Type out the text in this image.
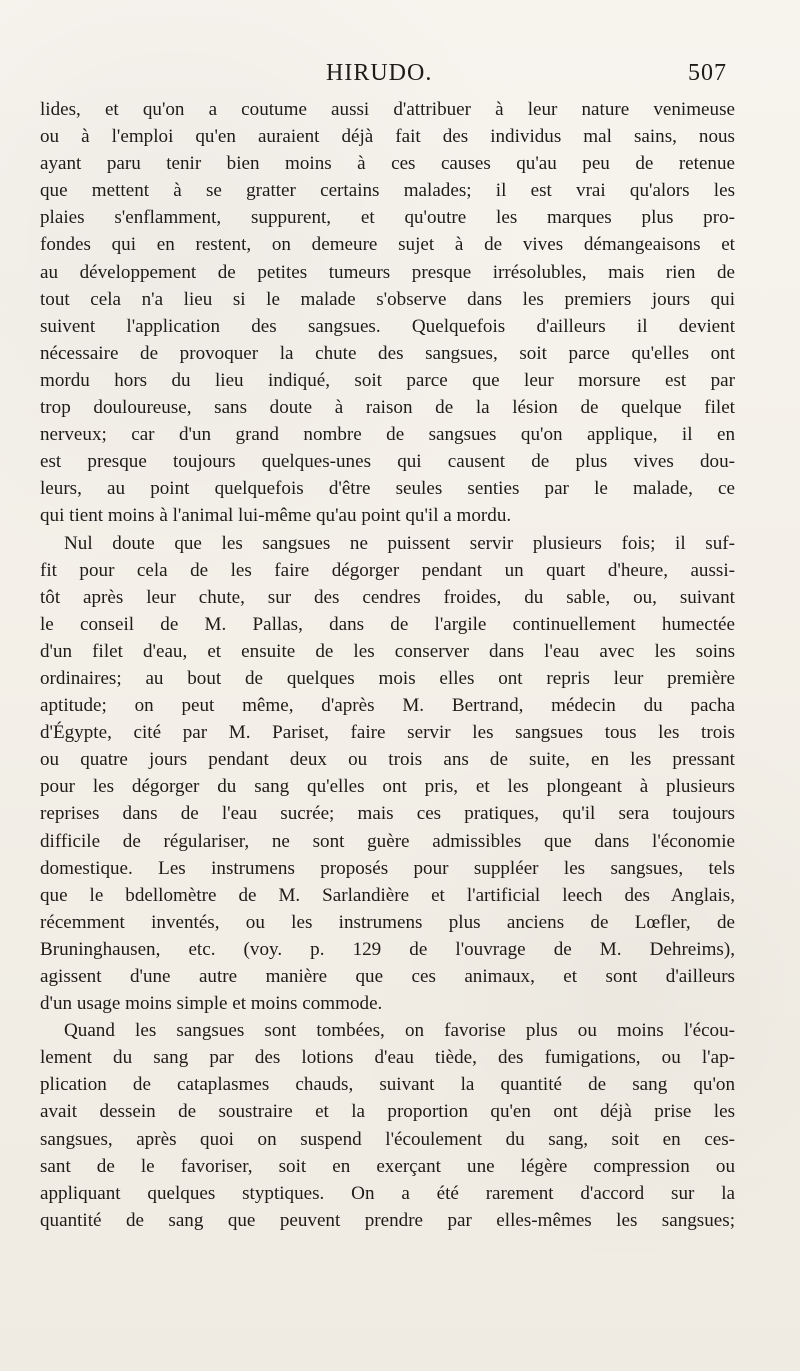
HIRUDO.	507
lides, et qu'on a coutume aussi d'attribuer à leur nature venimeuse
ou à l'emploi qu'en auraient déjà fait des individus mal sains, nous
ayant paru tenir bien moins à ces causes qu'au peu de retenue
que mettent à se gratter certains malades; il est vrai qu'alors les
plaies s'enflamment, suppurent, et qu'outre les marques plus pro-
fondes qui en restent, on demeure sujet à de vives démangeaisons et
au développement de petites tumeurs presque irrésolubles, mais rien de
tout cela n'a lieu si le malade s'observe dans les premiers jours qui
suivent l'application des sangsues. Quelquefois d'ailleurs il devient
nécessaire de provoquer la chute des sangsues, soit parce qu'elles ont
mordu hors du lieu indiqué, soit parce que leur morsure est par
trop douloureuse, sans doute à raison de la lésion de quelque filet
nerveux; car d'un grand nombre de sangsues qu'on applique, il en
est presque toujours quelques-unes qui causent de plus vives dou-
leurs, au point quelquefois d'être seules senties par le malade, ce
qui tient moins à l'animal lui-même qu'au point qu'il a mordu.
Nul doute que les sangsues ne puissent servir plusieurs fois; il suf-
fit pour cela de les faire dégorger pendant un quart d'heure, aussi-
tôt après leur chute, sur des cendres froides, du sable, ou, suivant
le conseil de M. Pallas, dans de l'argile continuellement humectée
d'un filet d'eau, et ensuite de les conserver dans l'eau avec les soins
ordinaires; au bout de quelques mois elles ont repris leur première
aptitude; on peut même, d'après M. Bertrand, médecin du pacha
d'Égypte, cité par M. Pariset, faire servir les sangsues tous les trois
ou quatre jours pendant deux ou trois ans de suite, en les pressant
pour les dégorger du sang qu'elles ont pris, et les plongeant à plusieurs
reprises dans de l'eau sucrée; mais ces pratiques, qu'il sera toujours
difficile de régulariser, ne sont guère admissibles que dans l'économie
domestique. Les instrumens proposés pour suppléer les sangsues, tels
que le bdellomètre de M. Sarlandière et l'artificial leech des Anglais,
récemment inventés, ou les instrumens plus anciens de Lœfler, de
Bruninghausen, etc. (voy. p. 129 de l'ouvrage de M. Dehreims),
agissent d'une autre manière que ces animaux, et sont d'ailleurs
d'un usage moins simple et moins commode.
Quand les sangsues sont tombées, on favorise plus ou moins l'écou-
lement du sang par des lotions d'eau tiède, des fumigations, ou l'ap-
plication de cataplasmes chauds, suivant la quantité de sang qu'on
avait dessein de soustraire et la proportion qu'en ont déjà prise les
sangsues, après quoi on suspend l'écoulement du sang, soit en ces-
sant de le favoriser, soit en exerçant une légère compression ou
appliquant quelques styptiques. On a été rarement d'accord sur la
quantité de sang que peuvent prendre par elles-mêmes les sangsues;
